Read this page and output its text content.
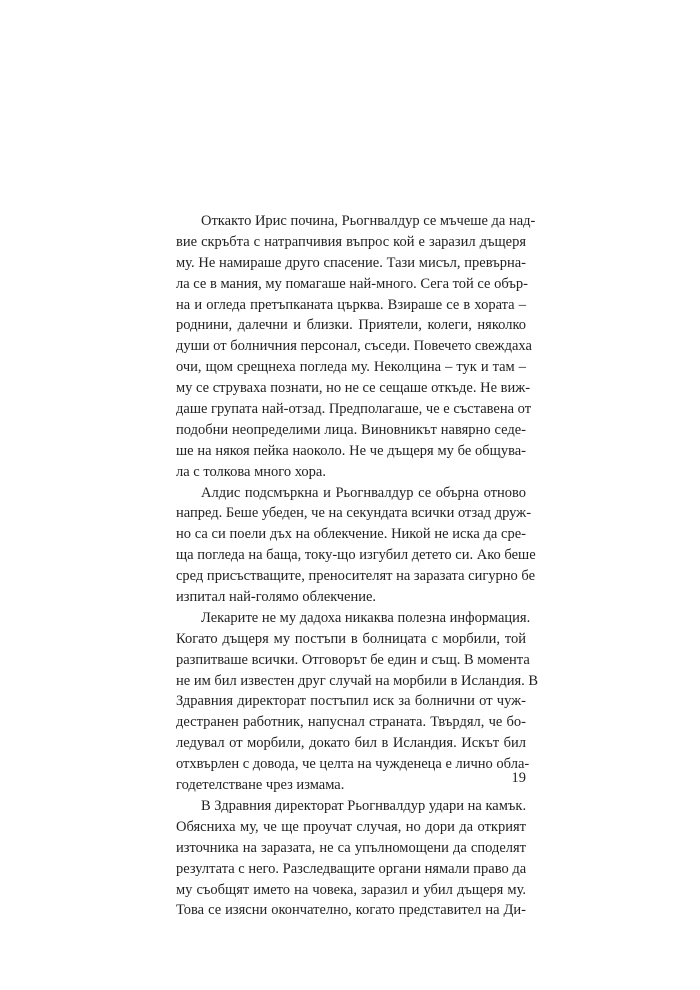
Откакто Ирис почина, Рьогнвалдур се мъчеше да над-
вие скръбта с натрапчивия въпрос кой е заразил дъщеря
му. Не намираше друго спасение. Тази мисъл, превърна-
ла се в мания, му помагаше най-много. Сега той се обър-
на и огледа претъпканата църква. Взираше се в хората –
роднини, далечни и близки. Приятели, колеги, няколко
души от болничния персонал, съседи. Повечето свеждаха
очи, щом срещнеха погледа му. Неколцина – тук и там –
му се струваха познати, но не се сещаше откъде. Не виж-
даше групата най-отзад. Предполагаше, че е съставена от
подобни неопределими лица. Виновникът навярно седе-
ше на някоя пейка наоколо. Не че дъщеря му бе общува-
ла с толкова много хора.
Алдис подсмъркна и Рьогнвалдур се обърна отново
напред. Беше убеден, че на секундата всички отзад друж-
но са си поели дъх на облекчение. Никой не иска да сре-
щa погледа на баща, току-що изгубил детето си. Ако беше
сред присъстващите, преносителят на заразата сигурно бе
изпитал най-голямо облекчение.
Лекарите не му дадоха никаква полезна информация.
Когато дъщеря му постъпи в болницата с морбили, той
разпитваше всички. Отговорът бе един и същ. В момента
не им бил известен друг случай на морбили в Исландия. В
Здравния директорат постъпил иск за болнични от чуж-
дестранен работник, напуснал страната. Твърдял, че бо-
ледувал от морбили, докато бил в Исландия. Искът бил
отхвърлен с довода, че целта на чужденеца е лично обла-
годетелстване чрез измама.
В Здравния директорат Рьогнвалдур удари на камък.
Обясниха му, че ще проучат случая, но дори да открият
източника на заразата, не са упълномощени да споделят
резултата с него. Разследващите органи нямали право да
му съобщят името на човека, заразил и убил дъщеря му.
Това се изясни окончателно, когато представител на Ди-
19
